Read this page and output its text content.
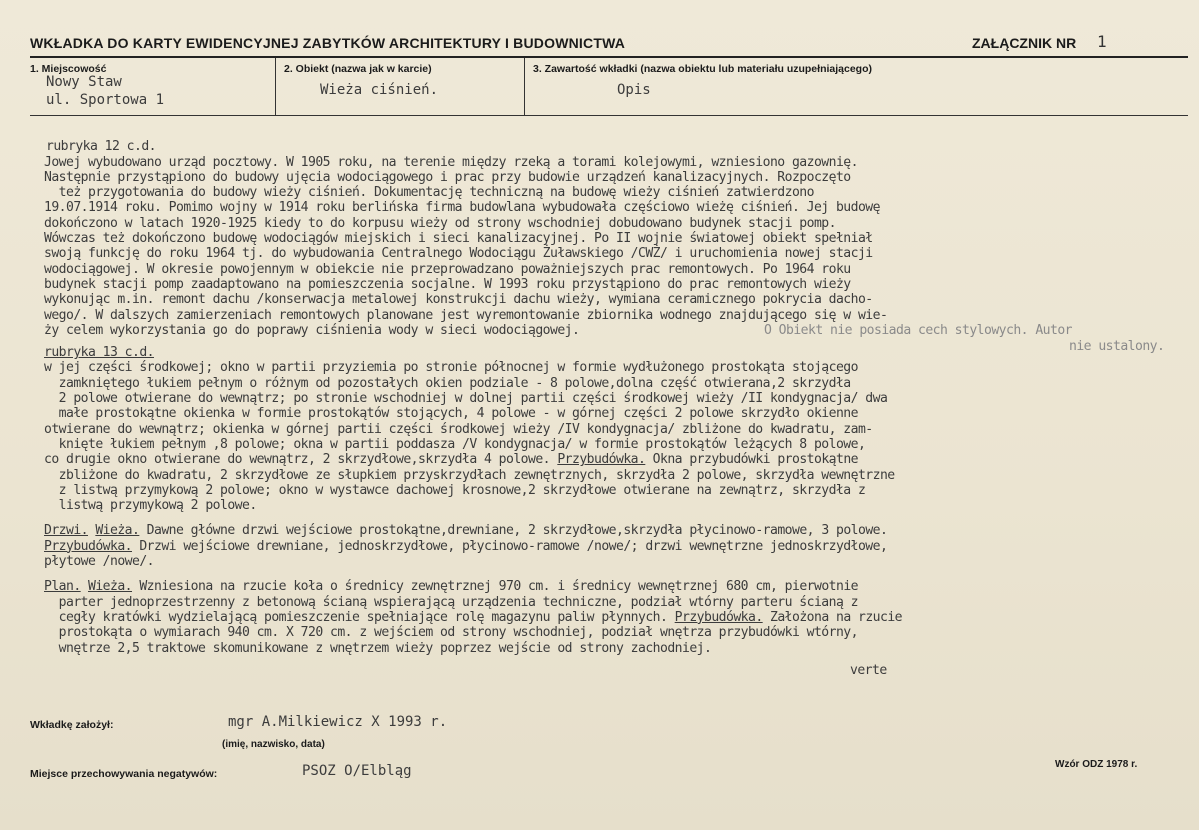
WKŁADKA DO KARTY EWIDENCYJNEJ ZABYTKÓW ARCHITEKTURY I BUDOWNICTWA	ZAŁĄCZNIK NR 1
1. Miejscowość
Nowy Staw
ul. Sportowa 1
2. Obiekt (nazwa jak w karcie)
Wieża ciśnień.
3. Zawartość wkładki (nazwa obiektu lub materiału uzupełniającego)
Opis

rubryka 12 c.d.
Jowej wybudowano urząd pocztowy. W 1905 roku, na terenie między rzeką a torami kolejowymi, wzniesiono gazownię.
Następnie przystąpiono do budowy ujęcia wodociągowego i prac przy budowie urządzeń kanalizacyjnych. Rozpoczęto
też przygotowania do budowy wieży ciśnień. Dokumentację techniczną na budowę wieży ciśnień zatwierdzono
19.07.1914 roku. Pomimo wojny w 1914 roku berlińska firma budowlana wybudowała częściowo wieżę ciśnień. Jej budowę
dokończono w latach 1920-1925 kiedy to do korpusu wieży od strony wschodniej dobudowano budynek stacji pomp.
Wówczas też dokończono budowę wodociągów miejskich i sieci kanalizacyjnej. Po II wojnie światowej obiekt spełniał
swoją funkcję do roku 1964 tj. do wybudowania Centralnego Wodociągu Żuławskiego /CWŻ/ i uruchomienia nowej stacji
wodociągowej. W okresie powojennym w obiekcie nie przeprowadzano poważniejszych prac remontowych. Po 1964 roku
budynek stacji pomp zaadaptowano na pomieszczenia socjalne. W 1993 roku przystąpiono do prac remontowych wieży
wykonując m.in. remont dachu /konserwacja metalowej konstrukcji dachu wieży, wymiana ceramicznego pokrycia dacho-
wego/. W dalszych zamierzeniach remontowych planowane jest wyremontowanie zbiornika wodnego znajdującego się w wie-
ży celem wykorzystania go do poprawy ciśnienia wody w sieci wodociągowej.	O Obiekt nie posiada cech stylowych. Autor
nie ustalony.
rubryka 13 c.d.
w jej części środkowej; okno w partii przyziemia po stronie północnej w formie wydłużonego prostokąta stojącego
zamkniętego łukiem pełnym o różnym od pozostałych okien podziale - 8 polowe,dolna część otwierana,2 skrzydła
2 polowe otwierane do wewnątrz; po stronie wschodniej w dolnej partii części środkowej wieży /II kondygnacja/ dwa
małe prostokątne okienka w formie prostokątów stojących, 4 polowe - w górnej części 2 polowe skrzydło okienne
otwierane do wewnątrz; okienka w górnej partii części środkowej wieży /IV kondygnacja/ zbliżone do kwadratu, zam-
knięte łukiem pełnym ,8 polowe; okna w partii poddasza /V kondygnacja/ w formie prostokątów leżących 8 polowe,
co drugie okno otwierane do wewnątrz, 2 skrzydłowe,skrzydła 4 polowe. Przybudówka. Okna przybudówki prostokątne
zbliżone do kwadratu, 2 skrzydłowe ze słupkiem przyskrzydłach zewnętrznych, skrzydła 2 polowe, skrzydła wewnętrzne
z listwą przymykową 2 polowe; okno w wystawce dachowej krosnowe,2 skrzydłowe otwierane na zewnątrz, skrzydła z
listwą przymykową 2 polowe.
Drzwi. Wieża. Dawne główne drzwi wejściowe prostokątne,drewniane, 2 skrzydłowe,skrzydła płycinowo-ramowe, 3 polowe.
Przybudówka. Drzwi wejściowe drewniane, jednoskrzydłowe, płycinowo-ramowe /nowe/; drzwi wewnętrzne jednoskrzydłowe,
płytowe /nowe/.
Plan. Wieża. Wzniesiona na rzucie koła o średnicy zewnętrznej 970 cm. i średnicy wewnętrznej 680 cm, pierwotnie
parter jednoprzestrzenny z betonową ścianą wspierającą urządzenia techniczne, podział wtórny parteru ścianą z
cegły kratówki wydzielającą pomieszczenie spełniające rolę magazynu paliw płynnych. Przybudówka. Założona na rzucie
prostokąta o wymiarach 940 cm. X 720 cm. z wejściem od strony wschodniej, podział wnętrza przybudówki wtórny,
wnętrze 2,5 traktowe skomunikowane z wnętrzem wieży poprzez wejście od strony zachodniej.
verte

Wkładkę założył:	mgr A.Milkiewicz X 1993 r.
(imię, nazwisko, data)
Miejsce przechowywania negatywów:	PSOZ O/Elbląg	Wzór ODZ 1978 r.
